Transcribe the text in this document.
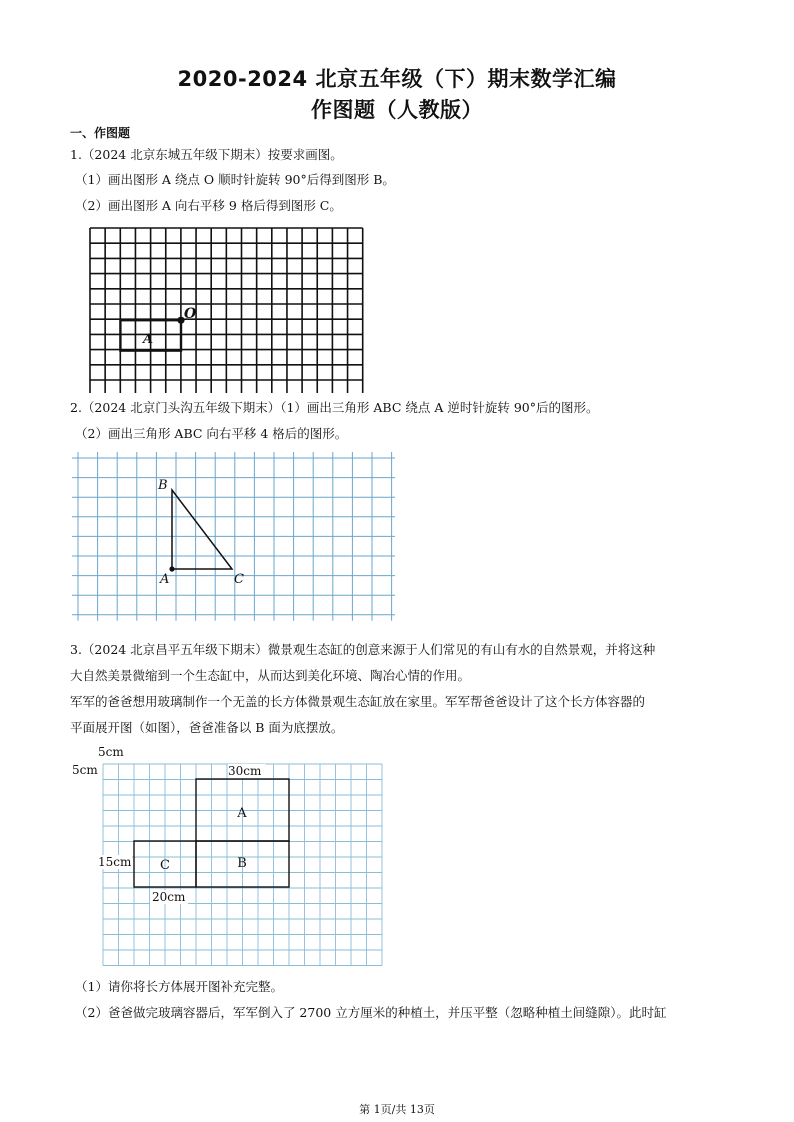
2020-2024 北京五年级（下）期末数学汇编
作图题（人教版）
一、作图题
1.（2024 北京东城五年级下期末）按要求画图。
（1）画出图形 A 绕点 O 顺时针旋转 90°后得到图形 B。
（2）画出图形 A 向右平移 9 格后得到图形 C。
O
A
2.（2024 北京门头沟五年级下期末）（1）画出三角形 ABC 绕点 A 逆时针旋转 90°后的图形。
（2）画出三角形 ABC 向右平移 4 格后的图形。
B
A	C
3.（2024 北京昌平五年级下期末）微景观生态缸的创意来源于人们常见的有山有水的自然景观，并将这种
大自然美景微缩到一个生态缸中，从而达到美化环境、陶冶心情的作用。
军军的爸爸想用玻璃制作一个无盖的长方体微景观生态缸放在家里。军军帮爸爸设计了这个长方体容器的
平面展开图（如图），爸爸准备以 B 面为底摆放。
5cm
5cm	30cm
15cm
20cm
A
B
C
（1）请你将长方体展开图补充完整。
（2）爸爸做完玻璃容器后，军军倒入了 2700 立方厘米的种植土，并压平整（忽略种植土间缝隙）。此时缸
第 1页/共 13页
